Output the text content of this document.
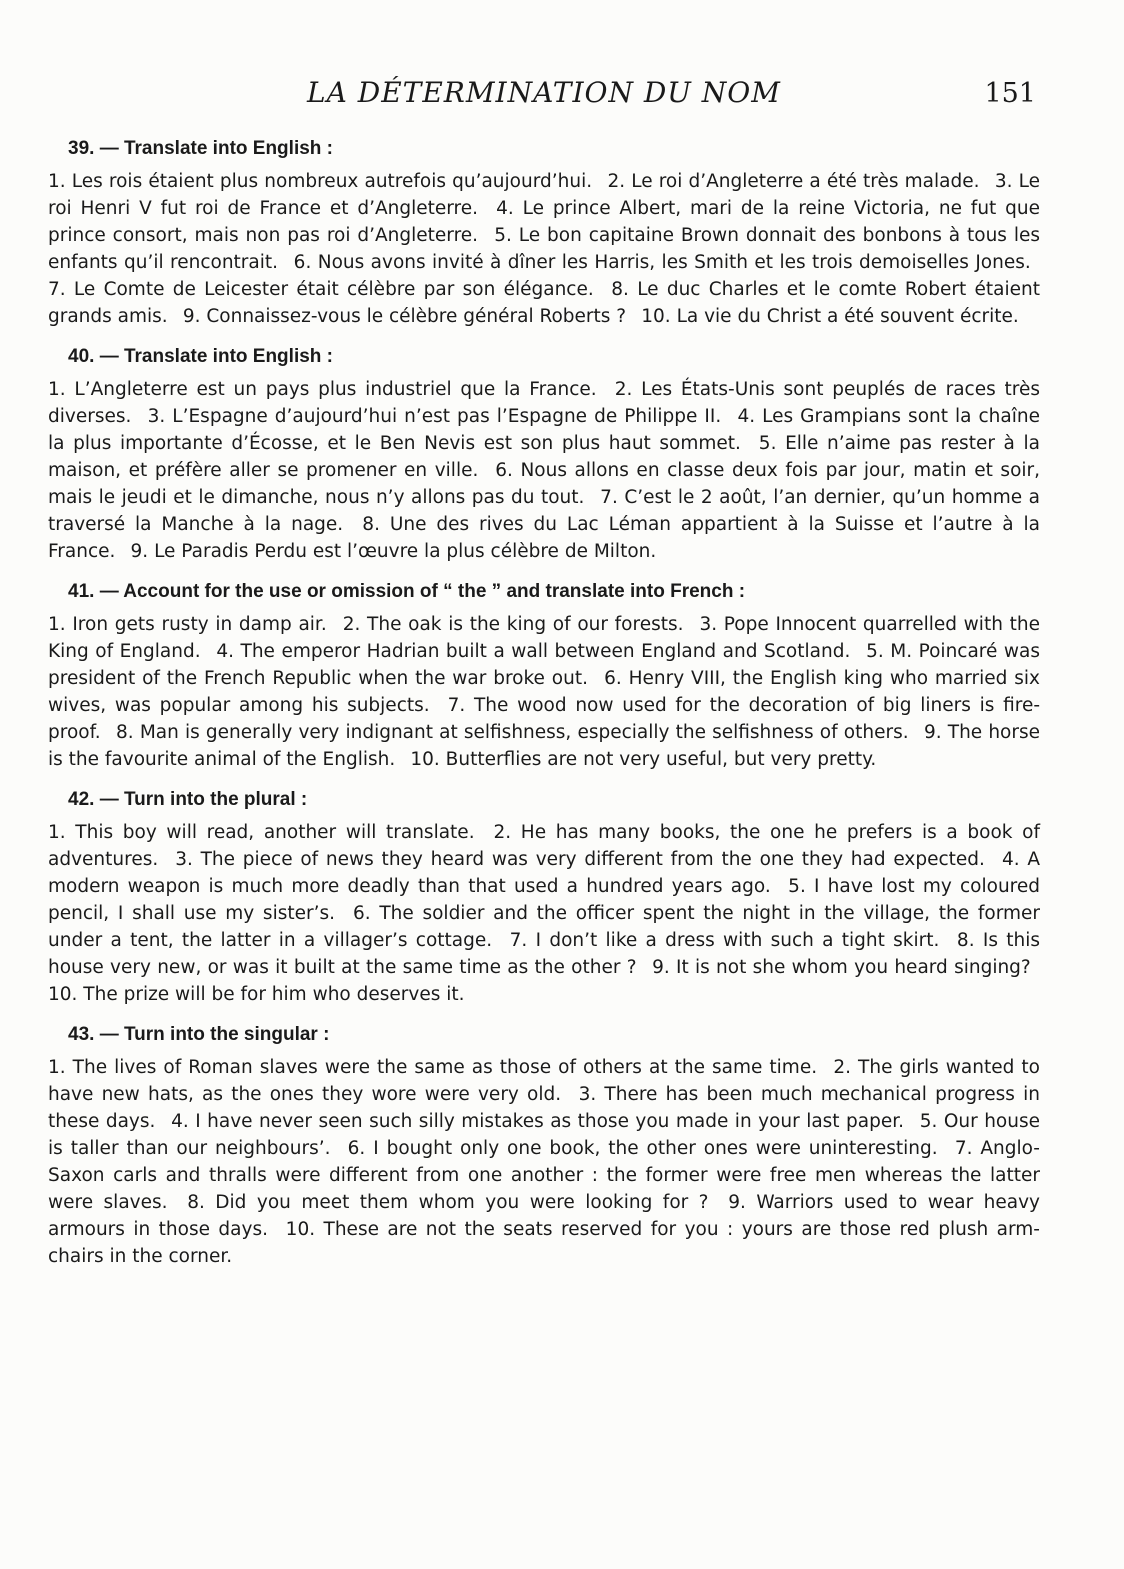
LA DÉTERMINATION DU NOM	151
39. — Translate into English :

1. Les rois étaient plus nombreux autrefois qu’aujourd’hui.  2. Le roi d’Angleterre a été très malade.  3. Le roi Henri V fut roi de France et d’Angleterre.  4. Le prince Albert, mari de la reine Victoria, ne fut que prince consort, mais non pas roi d’Angleterre.  5. Le bon capitaine Brown donnait des bonbons à tous les enfants qu’il rencontrait.  6. Nous avons invité à dîner les Harris, les Smith et les trois demoiselles Jones.  7. Le Comte de Leicester était célèbre par son élégance.  8. Le duc Charles et le comte Robert étaient grands amis.  9. Connaissez-vous le célèbre général Roberts ?  10. La vie du Christ a été souvent écrite.

40. — Translate into English :

1. L’Angleterre est un pays plus industriel que la France.  2. Les États-Unis sont peuplés de races très diverses.  3. L’Espagne d’aujourd’hui n’est pas l’Espagne de Philippe II.  4. Les Grampians sont la chaîne la plus importante d’Écosse, et le Ben Nevis est son plus haut sommet.  5. Elle n’aime pas rester à la maison, et préfère aller se promener en ville.  6. Nous allons en classe deux fois par jour, matin et soir, mais le jeudi et le dimanche, nous n’y allons pas du tout.  7. C’est le 2 août, l’an dernier, qu’un homme a traversé la Manche à la nage.  8. Une des rives du Lac Léman appartient à la Suisse et l’autre à la France.  9. Le Paradis Perdu est l’œuvre la plus célèbre de Milton.

41. — Account for the use or omission of “ the ” and translate into French :

1. Iron gets rusty in damp air.  2. The oak is the king of our forests.  3. Pope Innocent quarrelled with the King of England.  4. The emperor Hadrian built a wall between England and Scotland.  5. M. Poincaré was president of the French Republic when the war broke out.  6. Henry VIII, the English king who married six wives, was popular among his subjects.  7. The wood now used for the decoration of big liners is fire-proof.  8. Man is generally very indignant at selfishness, especially the selfishness of others.  9. The horse is the favourite animal of the English.  10. Butterflies are not very useful, but very pretty.

42. — Turn into the plural :

1. This boy will read, another will translate.  2. He has many books, the one he prefers is a book of adventures.  3. The piece of news they heard was very different from the one they had expected.  4. A modern weapon is much more deadly than that used a hundred years ago.  5. I have lost my coloured pencil, I shall use my sister’s.  6. The soldier and the officer spent the night in the village, the former under a tent, the latter in a villager’s cottage.  7. I don’t like a dress with such a tight skirt.  8. Is this house very new, or was it built at the same time as the other ?  9. It is not she whom you heard singing?  10. The prize will be for him who deserves it.

43. — Turn into the singular :

1. The lives of Roman slaves were the same as those of others at the same time.  2. The girls wanted to have new hats, as the ones they wore were very old.  3. There has been much mechanical progress in these days.  4. I have never seen such silly mistakes as those you made in your last paper.  5. Our house is taller than our neighbours’.  6. I bought only one book, the other ones were uninteresting.  7. Anglo-Saxon carls and thralls were different from one another : the former were free men whereas the latter were slaves.  8. Did you meet them whom you were looking for ?  9. Warriors used to wear heavy armours in those days.  10. These are not the seats reserved for you : yours are those red plush arm-chairs in the corner.
